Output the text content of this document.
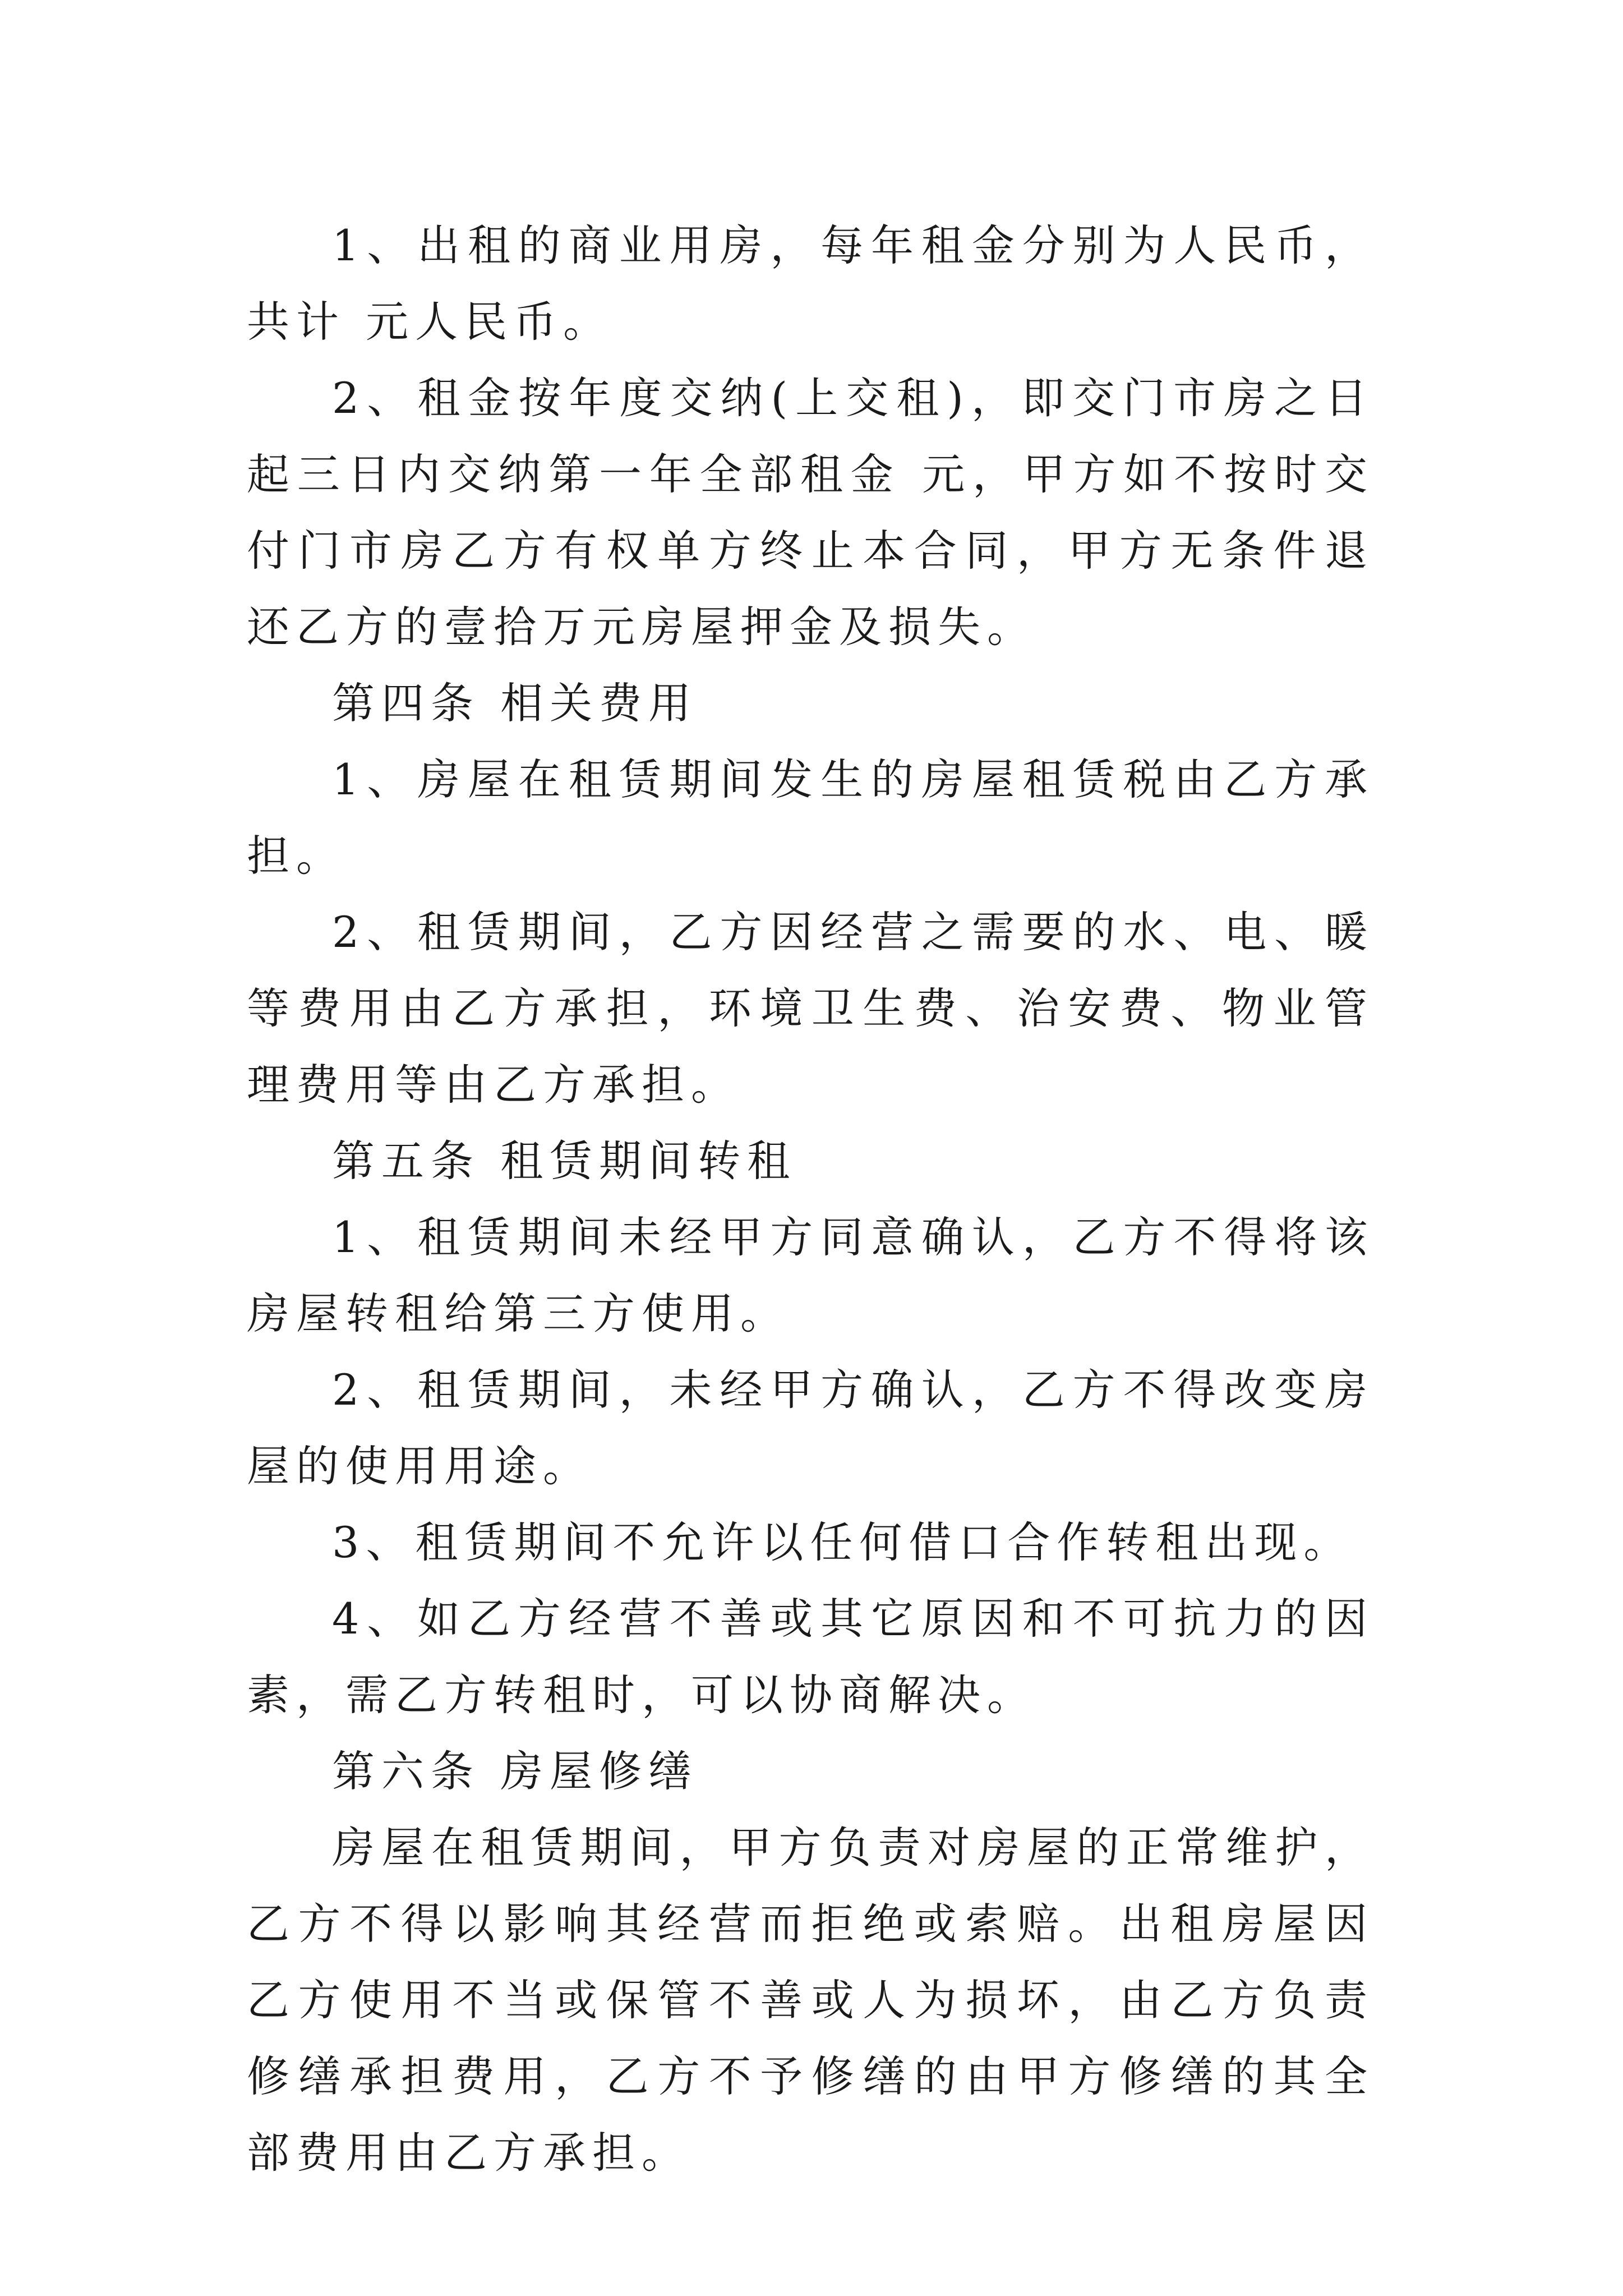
1、出租的商业用房，每年租金分别为人民币，共计 元人民币。

2、租金按年度交纳(上交租)，即交门市房之日起三日内交纳第一年全部租金 元，甲方如不按时交付门市房乙方有权单方终止本合同，甲方无条件退还乙方的壹拾万元房屋押金及损失。

第四条 相关费用

1、房屋在租赁期间发生的房屋租赁税由乙方承担。

2、租赁期间，乙方因经营之需要的水、电、暖等费用由乙方承担，环境卫生费、治安费、物业管理费用等由乙方承担。

第五条 租赁期间转租

1、租赁期间未经甲方同意确认，乙方不得将该房屋转租给第三方使用。

2、租赁期间，未经甲方确认，乙方不得改变房屋的使用用途。

3、租赁期间不允许以任何借口合作转租出现。

4、如乙方经营不善或其它原因和不可抗力的因素，需乙方转租时，可以协商解决。

第六条 房屋修缮

房屋在租赁期间，甲方负责对房屋的正常维护，乙方不得以影响其经营而拒绝或索赔。出租房屋因乙方使用不当或保管不善或人为损坏，由乙方负责修缮承担费用，乙方不予修缮的由甲方修缮的其全部费用由乙方承担。
